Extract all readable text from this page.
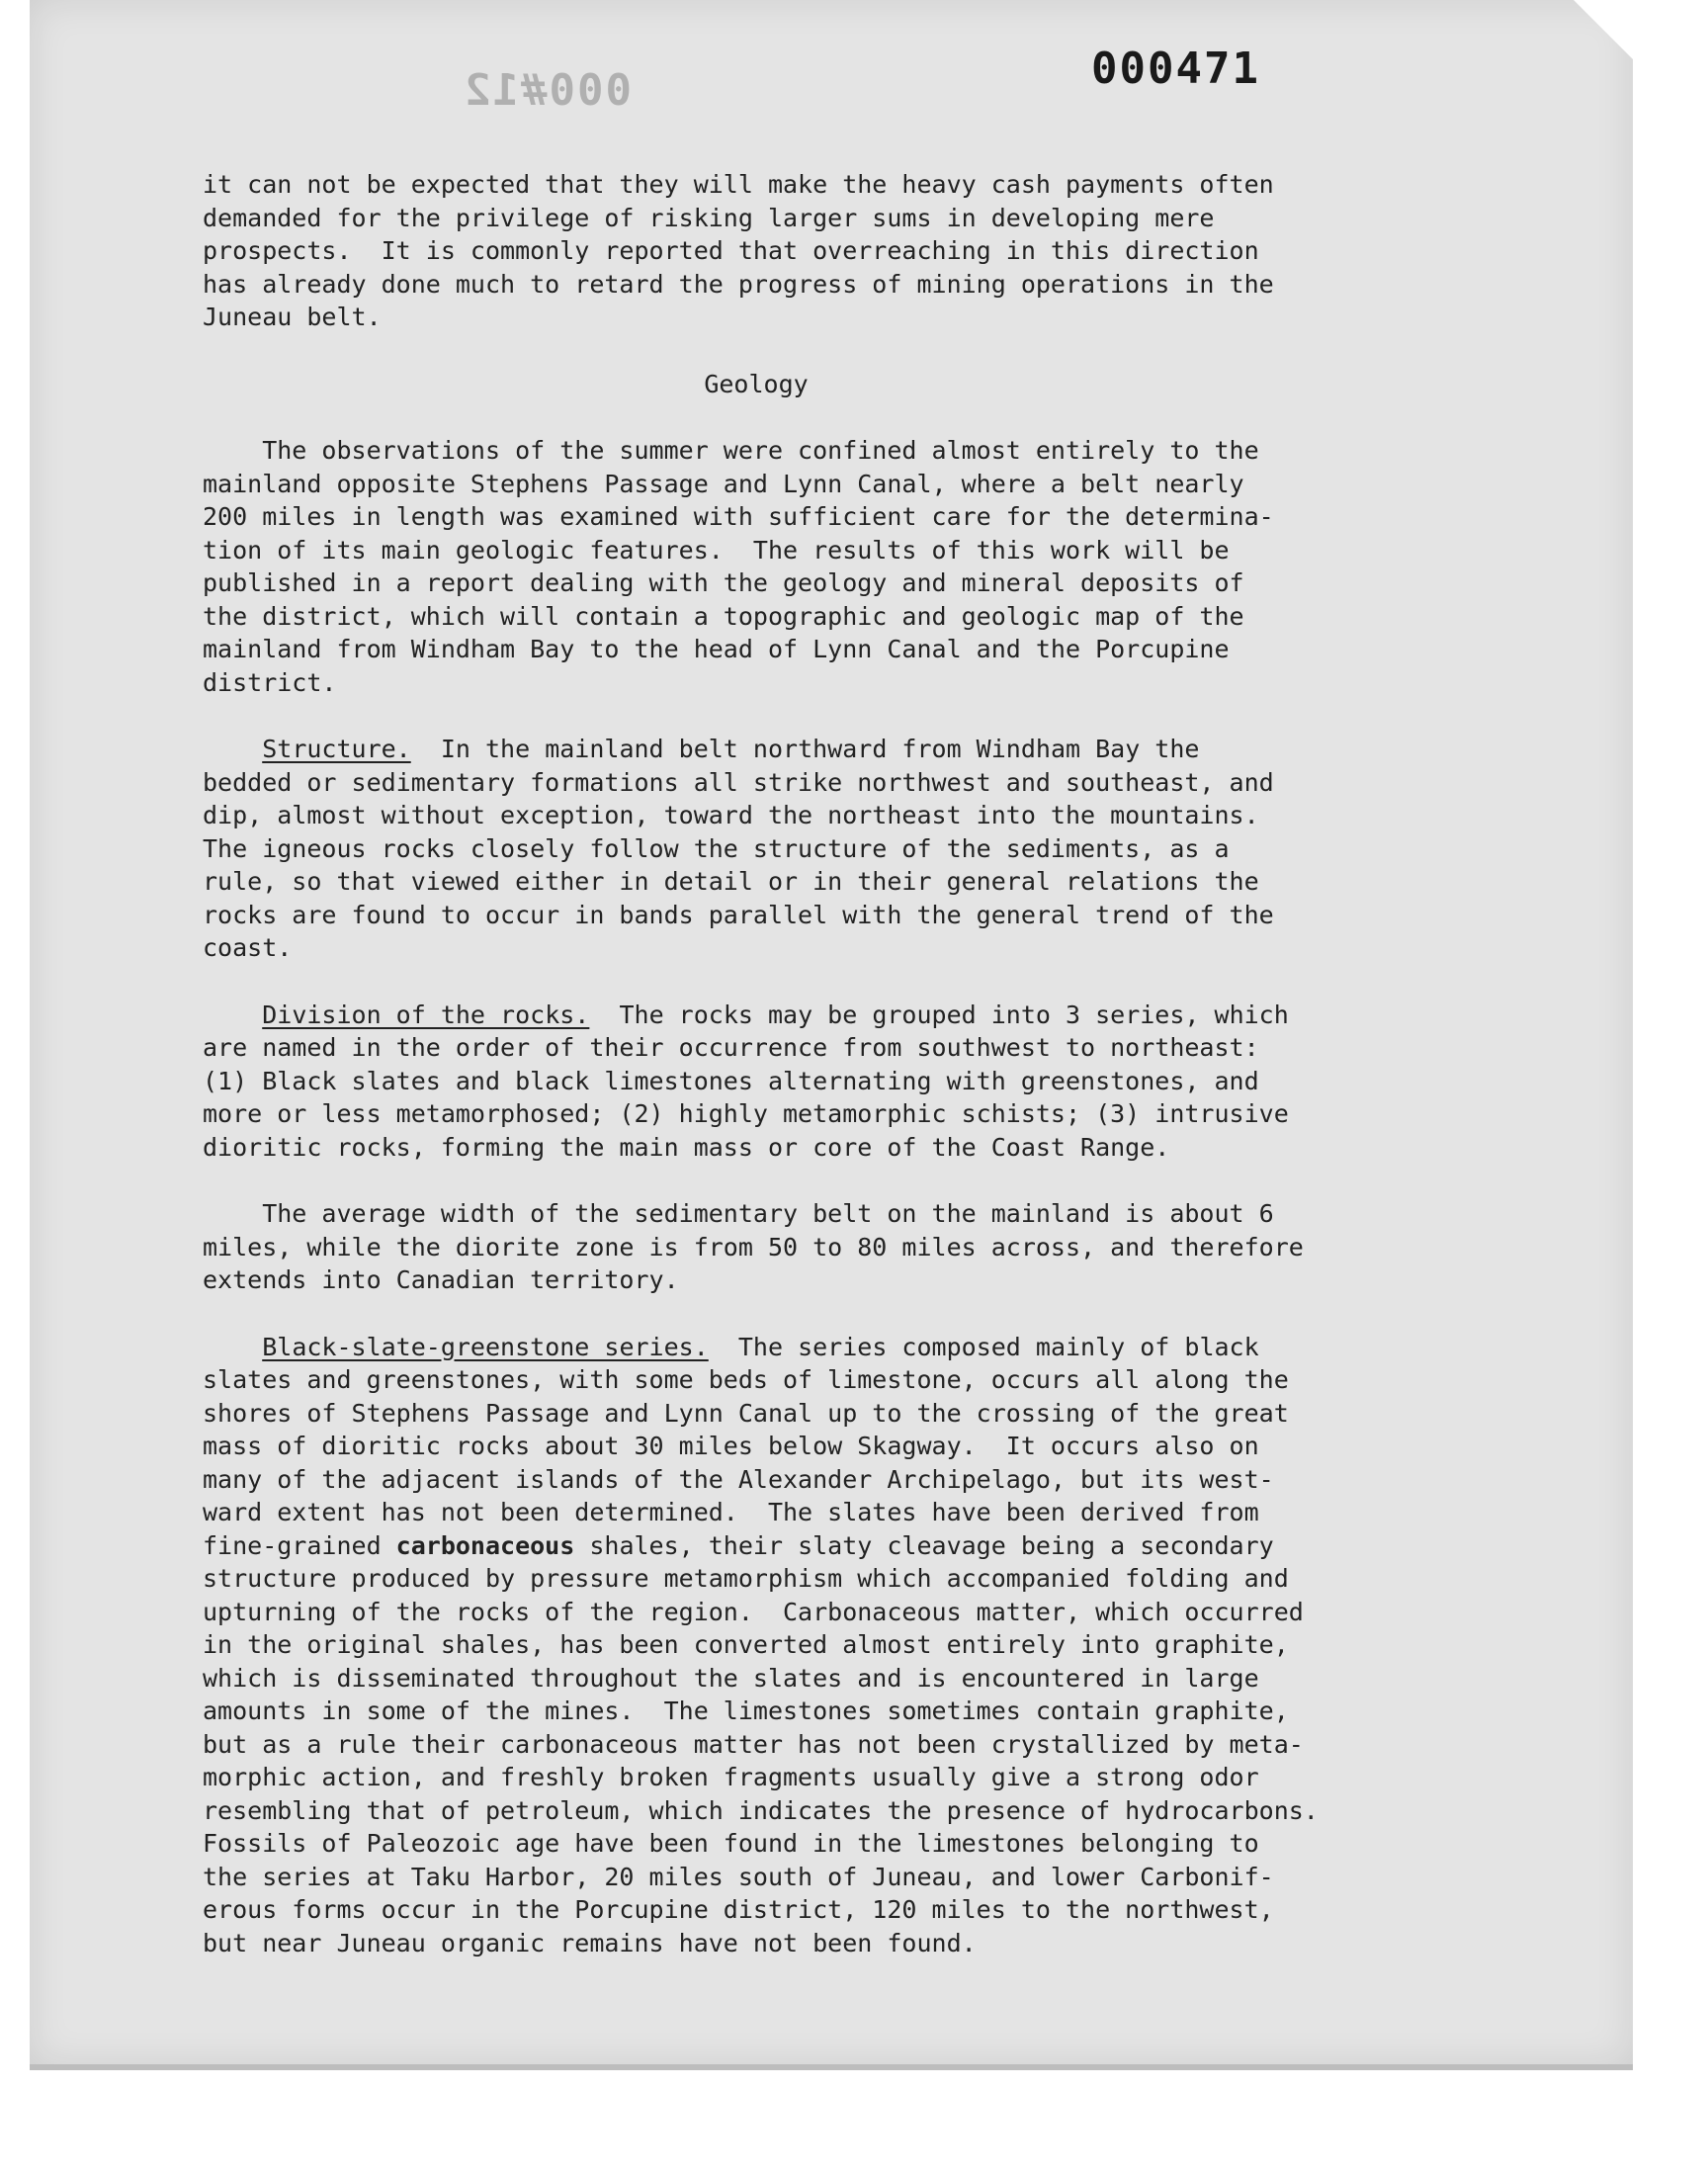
000#12	000471
it can not be expected that they will make the heavy cash payments often
demanded for the privilege of risking larger sums in developing mere
prospects.  It is commonly reported that overreaching in this direction
has already done much to retard the progress of mining operations in the
Juneau belt.
Geology
The observations of the summer were confined almost entirely to the
mainland opposite Stephens Passage and Lynn Canal, where a belt nearly
200 miles in length was examined with sufficient care for the determina-
tion of its main geologic features.  The results of this work will be
published in a report dealing with the geology and mineral deposits of
the district, which will contain a topographic and geologic map of the
mainland from Windham Bay to the head of Lynn Canal and the Porcupine
district.
Structure.  In the mainland belt northward from Windham Bay the
bedded or sedimentary formations all strike northwest and southeast, and
dip, almost without exception, toward the northeast into the mountains.
The igneous rocks closely follow the structure of the sediments, as a
rule, so that viewed either in detail or in their general relations the
rocks are found to occur in bands parallel with the general trend of the
coast.
Division of the rocks.  The rocks may be grouped into 3 series, which
are named in the order of their occurrence from southwest to northeast:
(1) Black slates and black limestones alternating with greenstones, and
more or less metamorphosed; (2) highly metamorphic schists; (3) intrusive
dioritic rocks, forming the main mass or core of the Coast Range.
The average width of the sedimentary belt on the mainland is about 6
miles, while the diorite zone is from 50 to 80 miles across, and therefore
extends into Canadian territory.
Black-slate-greenstone series.  The series composed mainly of black
slates and greenstones, with some beds of limestone, occurs all along the
shores of Stephens Passage and Lynn Canal up to the crossing of the great
mass of dioritic rocks about 30 miles below Skagway.  It occurs also on
many of the adjacent islands of the Alexander Archipelago, but its west-
ward extent has not been determined.  The slates have been derived from
fine-grained carbonaceous shales, their slaty cleavage being a secondary
structure produced by pressure metamorphism which accompanied folding and
upturning of the rocks of the region.  Carbonaceous matter, which occurred
in the original shales, has been converted almost entirely into graphite,
which is disseminated throughout the slates and is encountered in large
amounts in some of the mines.  The limestones sometimes contain graphite,
but as a rule their carbonaceous matter has not been crystallized by meta-
morphic action, and freshly broken fragments usually give a strong odor
resembling that of petroleum, which indicates the presence of hydrocarbons.
Fossils of Paleozoic age have been found in the limestones belonging to
the series at Taku Harbor, 20 miles south of Juneau, and lower Carbonif-
erous forms occur in the Porcupine district, 120 miles to the northwest,
but near Juneau organic remains have not been found.
